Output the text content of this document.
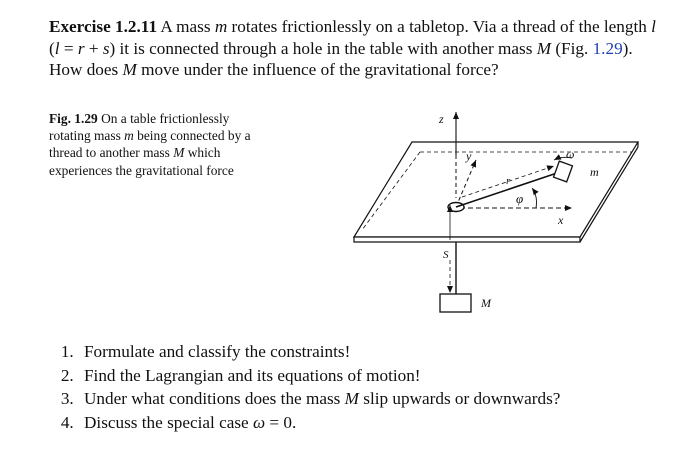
Exercise 1.2.11 A mass m rotates frictionlessly on a tabletop. Via a thread of the length l (l = r + s) it is connected through a hole in the table with another mass M (Fig. 1.29). How does M move under the influence of the gravitational force?

Fig. 1.29 On a table frictionlessly rotating mass m being connected by a thread to another mass M which experiences the gravitational force

z
y
x
r
φ
m
ω
S
M
1. Formulate and classify the constraints!
2. Find the Lagrangian and its equations of motion!
3. Under what conditions does the mass M slip upwards or downwards?
4. Discuss the special case ω = 0.
